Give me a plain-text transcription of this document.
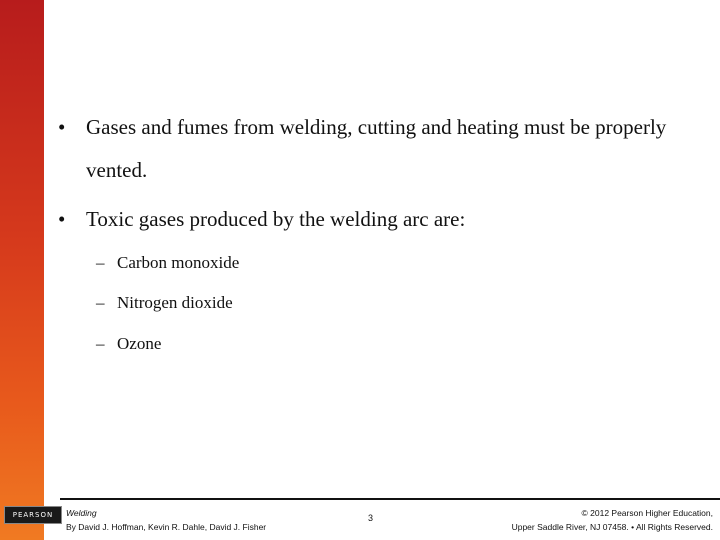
• Gases and fumes from welding, cutting and heating must be properly vented.
• Toxic gases produced by the welding arc are:
– Carbon monoxide
– Nitrogen dioxide
– Ozone
PEARSON	Welding
By David J. Hoffman, Kevin R. Dahle, David J. Fisher
3	© 2012 Pearson Higher Education,
Upper Saddle River, NJ 07458. • All Rights Reserved.
